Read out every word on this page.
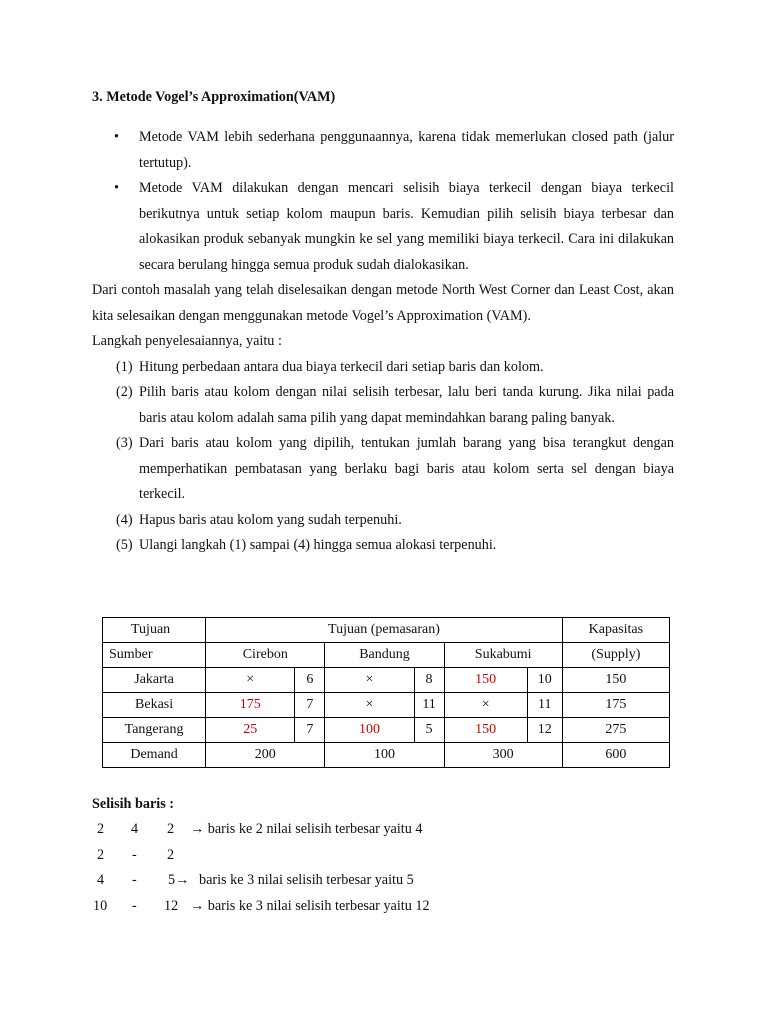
3. Metode Vogel’s Approximation(VAM)
• Metode VAM lebih sederhana penggunaannya, karena tidak memerlukan closed path (jalur tertutup).
• Metode VAM dilakukan dengan mencari selisih biaya terkecil dengan biaya terkecil berikutnya untuk setiap kolom maupun baris. Kemudian pilih selisih biaya terbesar dan alokasikan produk sebanyak mungkin ke sel yang memiliki biaya terkecil. Cara ini dilakukan secara berulang hingga semua produk sudah dialokasikan.

Dari contoh masalah yang telah diselesaikan dengan metode North West Corner dan Least Cost, akan kita selesaikan dengan menggunakan metode Vogel’s Approximation (VAM).

Langkah penyelesaiannya, yaitu :

(1) Hitung perbedaan antara dua biaya terkecil dari setiap baris dan kolom.
(2) Pilih baris atau kolom dengan nilai selisih terbesar, lalu beri tanda kurung. Jika nilai pada baris atau kolom adalah sama pilih yang dapat memindahkan barang paling banyak.
(3) Dari baris atau kolom yang dipilih, tentukan jumlah barang yang bisa terangkut dengan memperhatikan pembatasan yang berlaku bagi baris atau kolom serta sel dengan biaya terkecil.
(4) Hapus baris atau kolom yang sudah terpenuhi.
(5) Ulangi langkah (1) sampai (4) hingga semua alokasi terpenuhi.
Tujuan	Tujuan (pemasaran)						Kapasitas
Sumber	Cirebon		Bandung		Sukabumi		(Supply)
Jakarta	×	6	×	8	150	10	150
Bekasi	175	7	×	11	×	11	175
Tangerang	25	7	100	5	150	12	275
Demand	200		100		300		600
Selisih baris :
2 4 2 → baris ke 2 nilai selisih terbesar yaitu 4
2 - 2
4 - 5→ baris ke 3 nilai selisih terbesar yaitu 5
10 - 12 → baris ke 3 nilai selisih terbesar yaitu 12
